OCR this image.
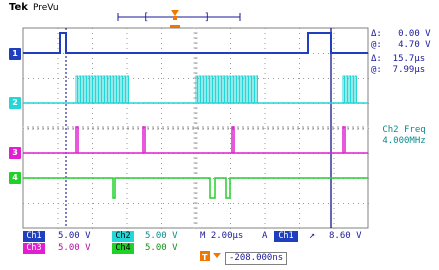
Tek PreVu
[	]
1
2
3
4
Δ:   0.00 V
@:   4.70 V
Δ:  15.7μs
@:  7.99μs
Ch2 Freq
4.000MHz
Ch1	5.00 V	Ch2	5.00 V
Ch3	5.00 V	Ch4	5.00 V
M 2.00μs A	Ch1	↗ 8.60 V
T	-208.000ns
